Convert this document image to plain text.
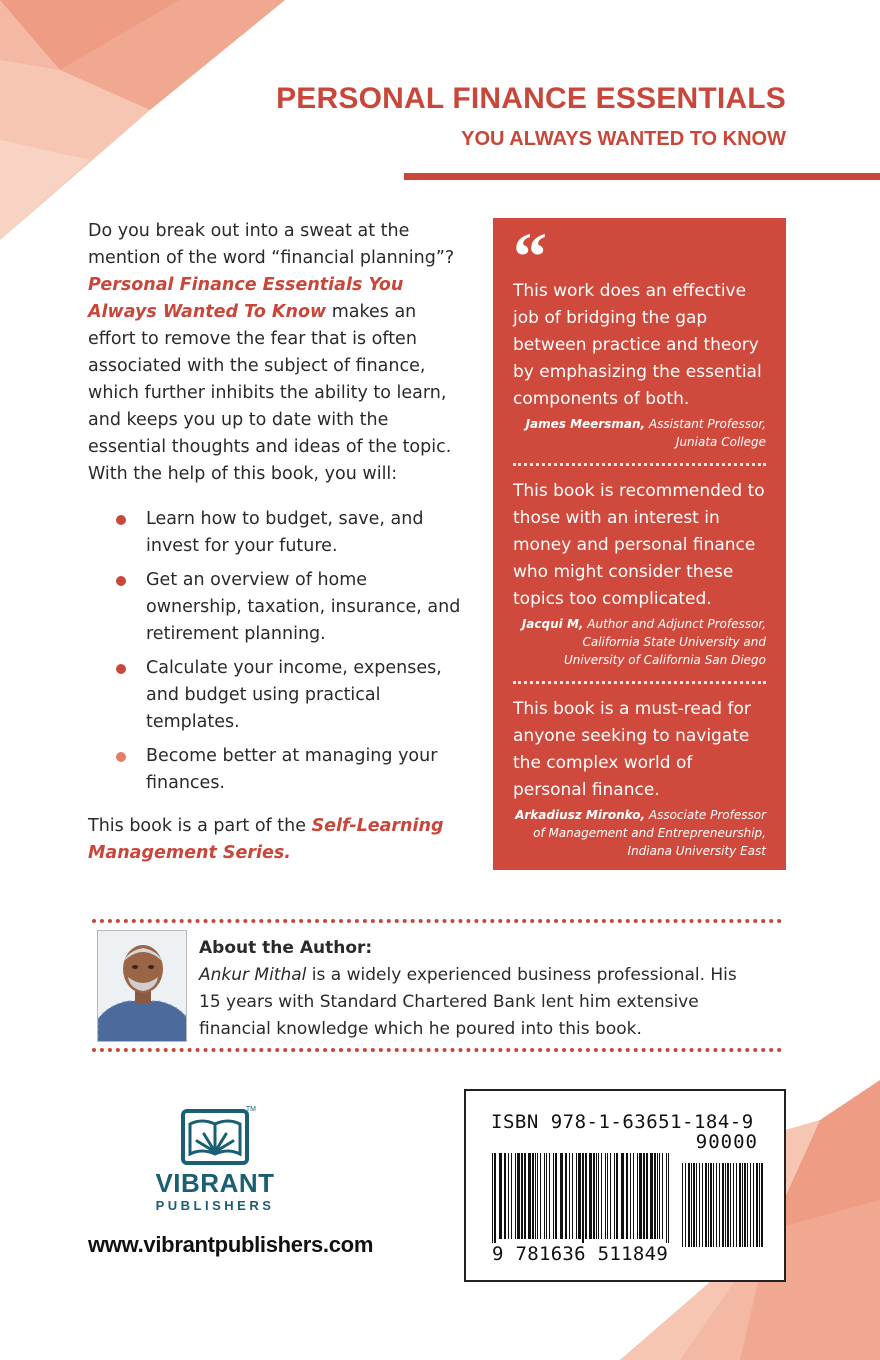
PERSONAL FINANCE ESSENTIALS
YOU ALWAYS WANTED TO KNOW

Do you break out into a sweat at the mention of the word “financial planning”? Personal Finance Essentials You Always Wanted To Know makes an effort to remove the fear that is often associated with the subject of finance, which further inhibits the ability to learn, and keeps you up to date with the essential thoughts and ideas of the topic. With the help of this book, you will:

Learn how to budget, save, and invest for your future.
Get an overview of home ownership, taxation, insurance, and retirement planning.
Calculate your income, expenses, and budget using practical templates.
Become better at managing your finances.

This book is a part of the Self-Learning Management Series.

“
This work does an effective job of bridging the gap between practice and theory by emphasizing the essential components of both.
James Meersman, Assistant Professor,
Juniata College
This book is recommended to those with an interest in money and personal finance who might consider these topics too complicated.
Jacqui M, Author and Adjunct Professor,
California State University and
University of California San Diego
This book is a must-read for anyone seeking to navigate the complex world of personal finance.
Arkadiusz Mironko, Associate Professor
of Management and Entrepreneurship,
Indiana University East
About the Author:
Ankur Mithal is a widely experienced business professional. His 15 years with Standard Chartered Bank lent him extensive financial knowledge which he poured into this book.
TM
VIBRANT
PUBLISHERS
www.vibrantpublishers.com
ISBN 978-1-63651-184-9
90000
9 781636 511849
